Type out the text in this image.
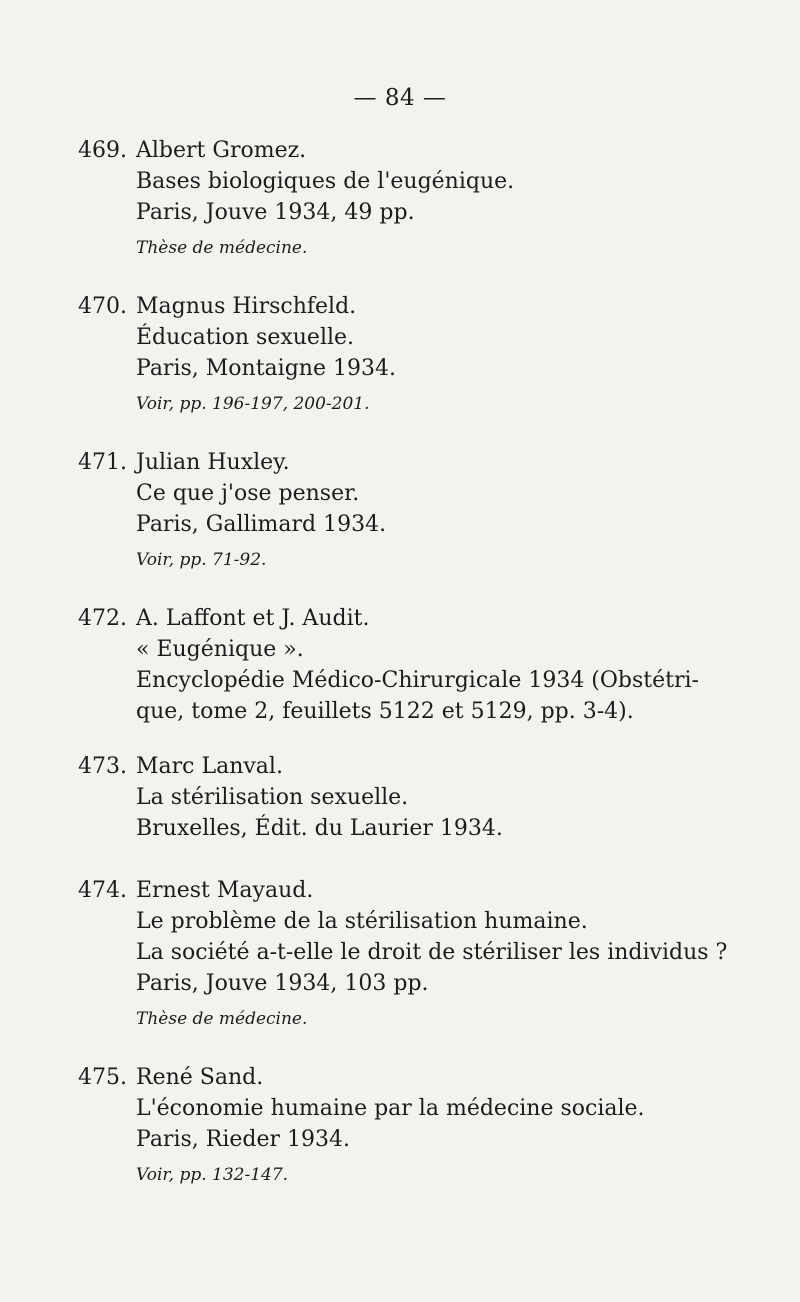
— 84 —
469. Albert Gromez.
Bases biologiques de l'eugénique.
Paris, Jouve 1934, 49 pp.
Thèse de médecine.
470. Magnus Hirschfeld.
Éducation sexuelle.
Paris, Montaigne 1934.
Voir, pp. 196-197, 200-201.
471. Julian Huxley.
Ce que j'ose penser.
Paris, Gallimard 1934.
Voir, pp. 71-92.
472. A. Laffont et J. Audit.
« Eugénique ».
Encyclopédie Médico-Chirurgicale 1934 (Obstétri-
que, tome 2, feuillets 5122 et 5129, pp. 3-4).
473. Marc Lanval.
La stérilisation sexuelle.
Bruxelles, Édit. du Laurier 1934.
474. Ernest Mayaud.
Le problème de la stérilisation humaine.
La société a-t-elle le droit de stériliser les individus ?
Paris, Jouve 1934, 103 pp.
Thèse de médecine.
475. René Sand.
L'économie humaine par la médecine sociale.
Paris, Rieder 1934.
Voir, pp. 132-147.
